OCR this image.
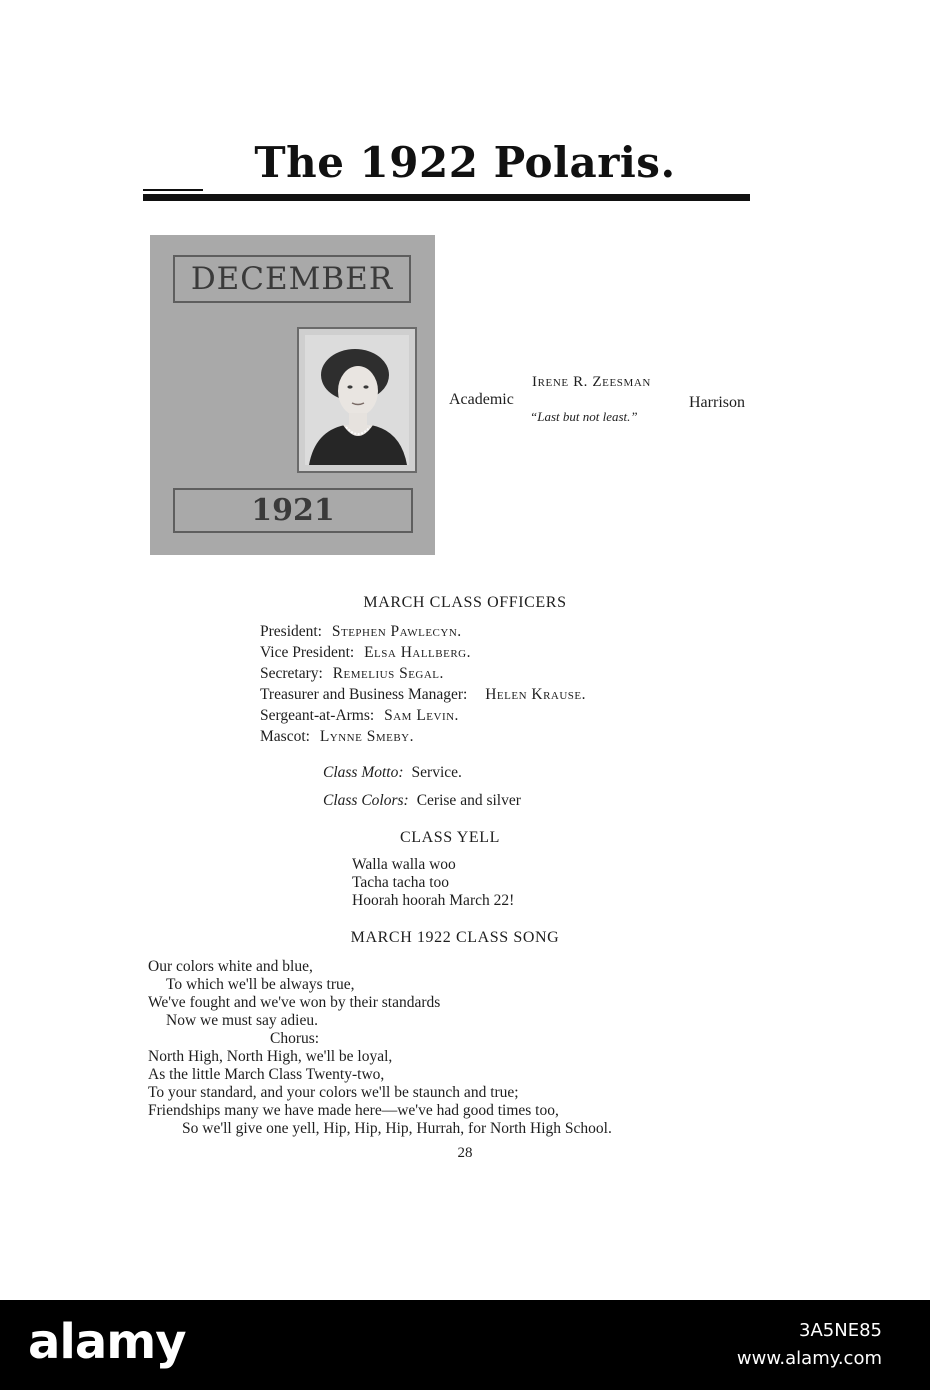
The 1922 Polaris.
DECEMBER
1921
Irene R. Zeesman
Academic	Harrison
“Last but not least.”
MARCH CLASS OFFICERS
President: Stephen Pawlecyn.
Vice President: Elsa Hallberg.
Secretary: Remelius Segal.
Treasurer and Business Manager: Helen Krause.
Sergeant-at-Arms: Sam Levin.
Mascot: Lynne Smeby.
Class Motto: Service.
Class Colors: Cerise and silver
CLASS YELL
Walla walla woo
Tacha tacha too
Hoorah hoorah March 22!
MARCH 1922 CLASS SONG
Our colors white and blue,
To which we'll be always true,
We've fought and we've won by their standards
Now we must say adieu.
Chorus:
North High, North High, we'll be loyal,
As the little March Class Twenty-two,
To your standard, and your colors we'll be staunch and true;
Friendships many we have made here—we've had good times too,
So we'll give one yell, Hip, Hip, Hip, Hurrah, for North High School.
28
alamy	3A5NE85
www.alamy.com
